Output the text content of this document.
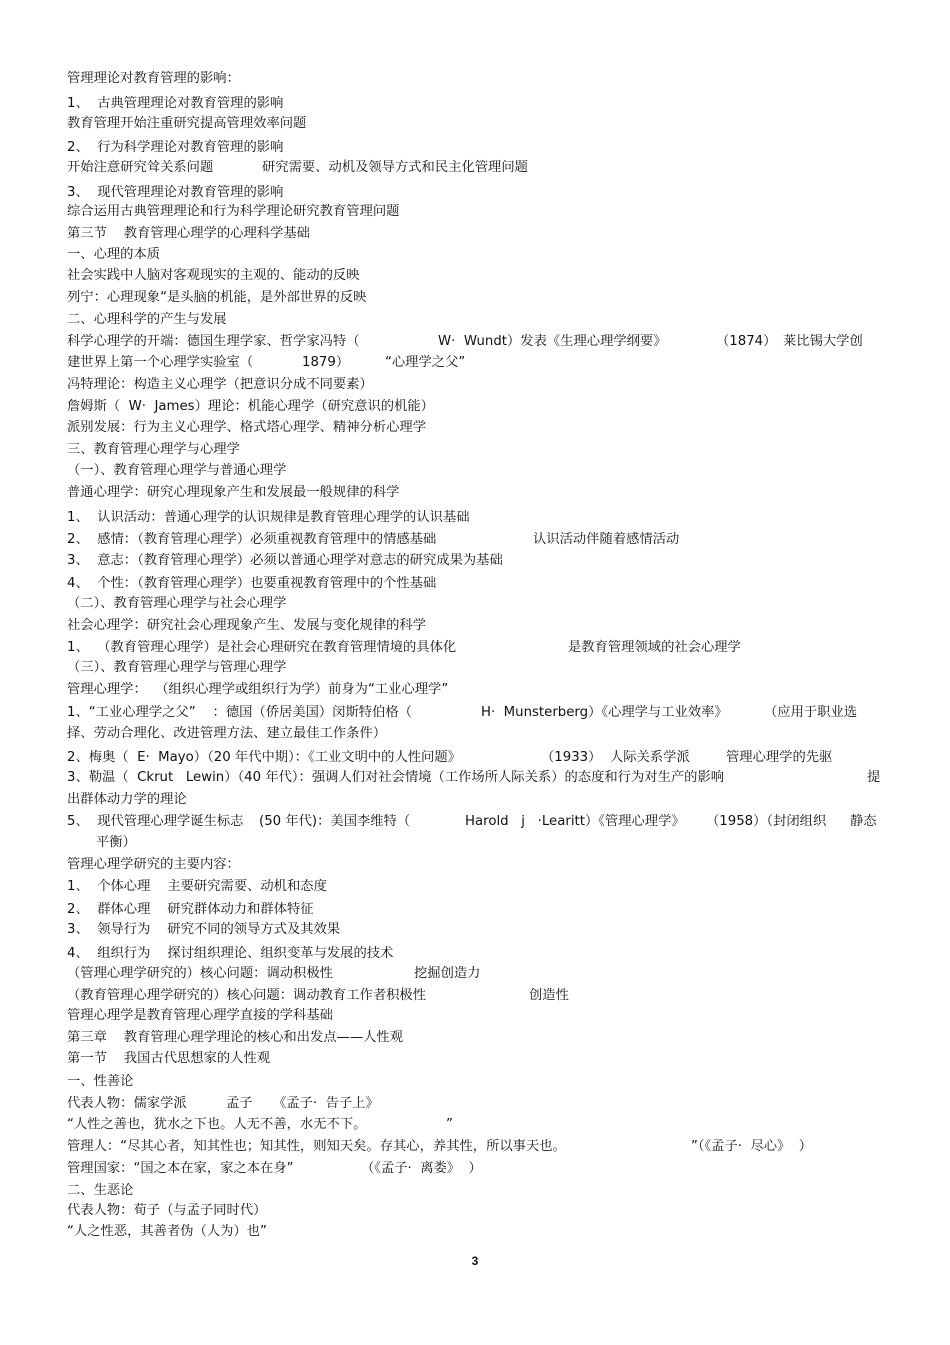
管理理论对教育管理的影响：
1、  古典管理理论对教育管理的影响
教育管理开始注重研究提高管理效率问题
2、  行为科学理论对教育管理的影响
开始注意研究耸关系问题	研究需要、动机及领导方式和民主化管理问题
3、  现代管理理论对教育管理的影响
综合运用古典管理理论和行为科学理论研究教育管理问题
第三节    教育管理心理学的心理科学基础
一、心理的本质
社会实践中人脑对客观现实的主观的、能动的反映
列宁：心理现象“是头脑的机能，是外部世界的反映
二、心理科学的产生与发展
科学心理学的开端：德国生理学家、哲学家冯特（	W·  Wundt）发表《生理心理学纲要》	（1874） 莱比锡大学创
建世界上第一个心理学实验室（	1879）	“心理学之父”
冯特理论：构造主义心理学（把意识分成不同要素）
詹姆斯（  W·  James）理论：机能心理学（研究意识的机能）
派别发展：行为主义心理学、格式塔心理学、精神分析心理学
三、教育管理心理学与心理学
（一）、教育管理心理学与普通心理学
普通心理学：研究心理现象产生和发展最一般规律的科学
1、  认识活动：普通心理学的认识规律是教育管理心理学的认识基础
2、  感情：（教育管理心理学）必须重视教育管理中的情感基础	认识活动伴随着感情活动
3、  意志：（教育管理心理学）必须以普通心理学对意志的研究成果为基础
4、  个性：（教育管理心理学）也要重视教育管理中的个性基础
（二）、教育管理心理学与社会心理学
社会心理学：研究社会心理现象产生、发展与变化规律的科学
1、  （教育管理心理学）是社会心理研究在教育管理情境的具体化	是教育管理领域的社会心理学
（三）、教育管理心理学与管理心理学
管理心理学：  （组织心理学或组织行为学）前身为“工业心理学”
1、“工业心理学之父”    ：德国（侨居美国）闵斯特伯格（	H·  Munsterberg）《心理学与工业效率》	（应用于职业选
择、劳动合理化、改进管理方法、建立最佳工作条件）
2、梅奥（  E·  Mayo）（20 年代中期）：《工业文明中的人性问题》	（1933） 人际关系学派	管理心理学的先驱
3、勒温（  Ckrut   Lewin）（40 年代）：强调人们对社会情境（工作场所人际关系）的态度和行为对生产的影响	提
出群体动力学的理论
5、  现代管理心理学诞生标志 (50 年代)：美国李维特（	Harold   j   ·Learitt）《管理心理学》 （1958）（封闭组织 静态
平衡）
管理心理学研究的主要内容：
1、  个体心理    主要研究需要、动机和态度
2、  群体心理    研究群体动力和群体特征
3、  领导行为    研究不同的领导方式及其效果
4、  组织行为    探讨组织理论、组织变革与发展的技术
（管理心理学研究的）核心问题：调动积极性	挖掘创造力
（教育管理心理学研究的）核心问题：调动教育工作者积极性	创造性
管理心理学是教育管理心理学直接的学科基础
第三章    教育管理心理学理论的核心和出发点——人性观
第一节    我国古代思想家的人性观
一、性善论
代表人物：儒家学派	孟子 《孟子·  告子上》
“人性之善也，犹水之下也。人无不善，水无不下。	”
管理人：“尽其心者，知其性也；知其性，则知天矣。存其心，养其性，所以事天也。	”（《孟子·  尽心》  ）
管理国家：“国之本在家，家之本在身”	（《孟子·  离娄》  ）
二、生恶论
代表人物：荀子（与孟子同时代）
“人之性恶，其善者伪（人为）也”
3
